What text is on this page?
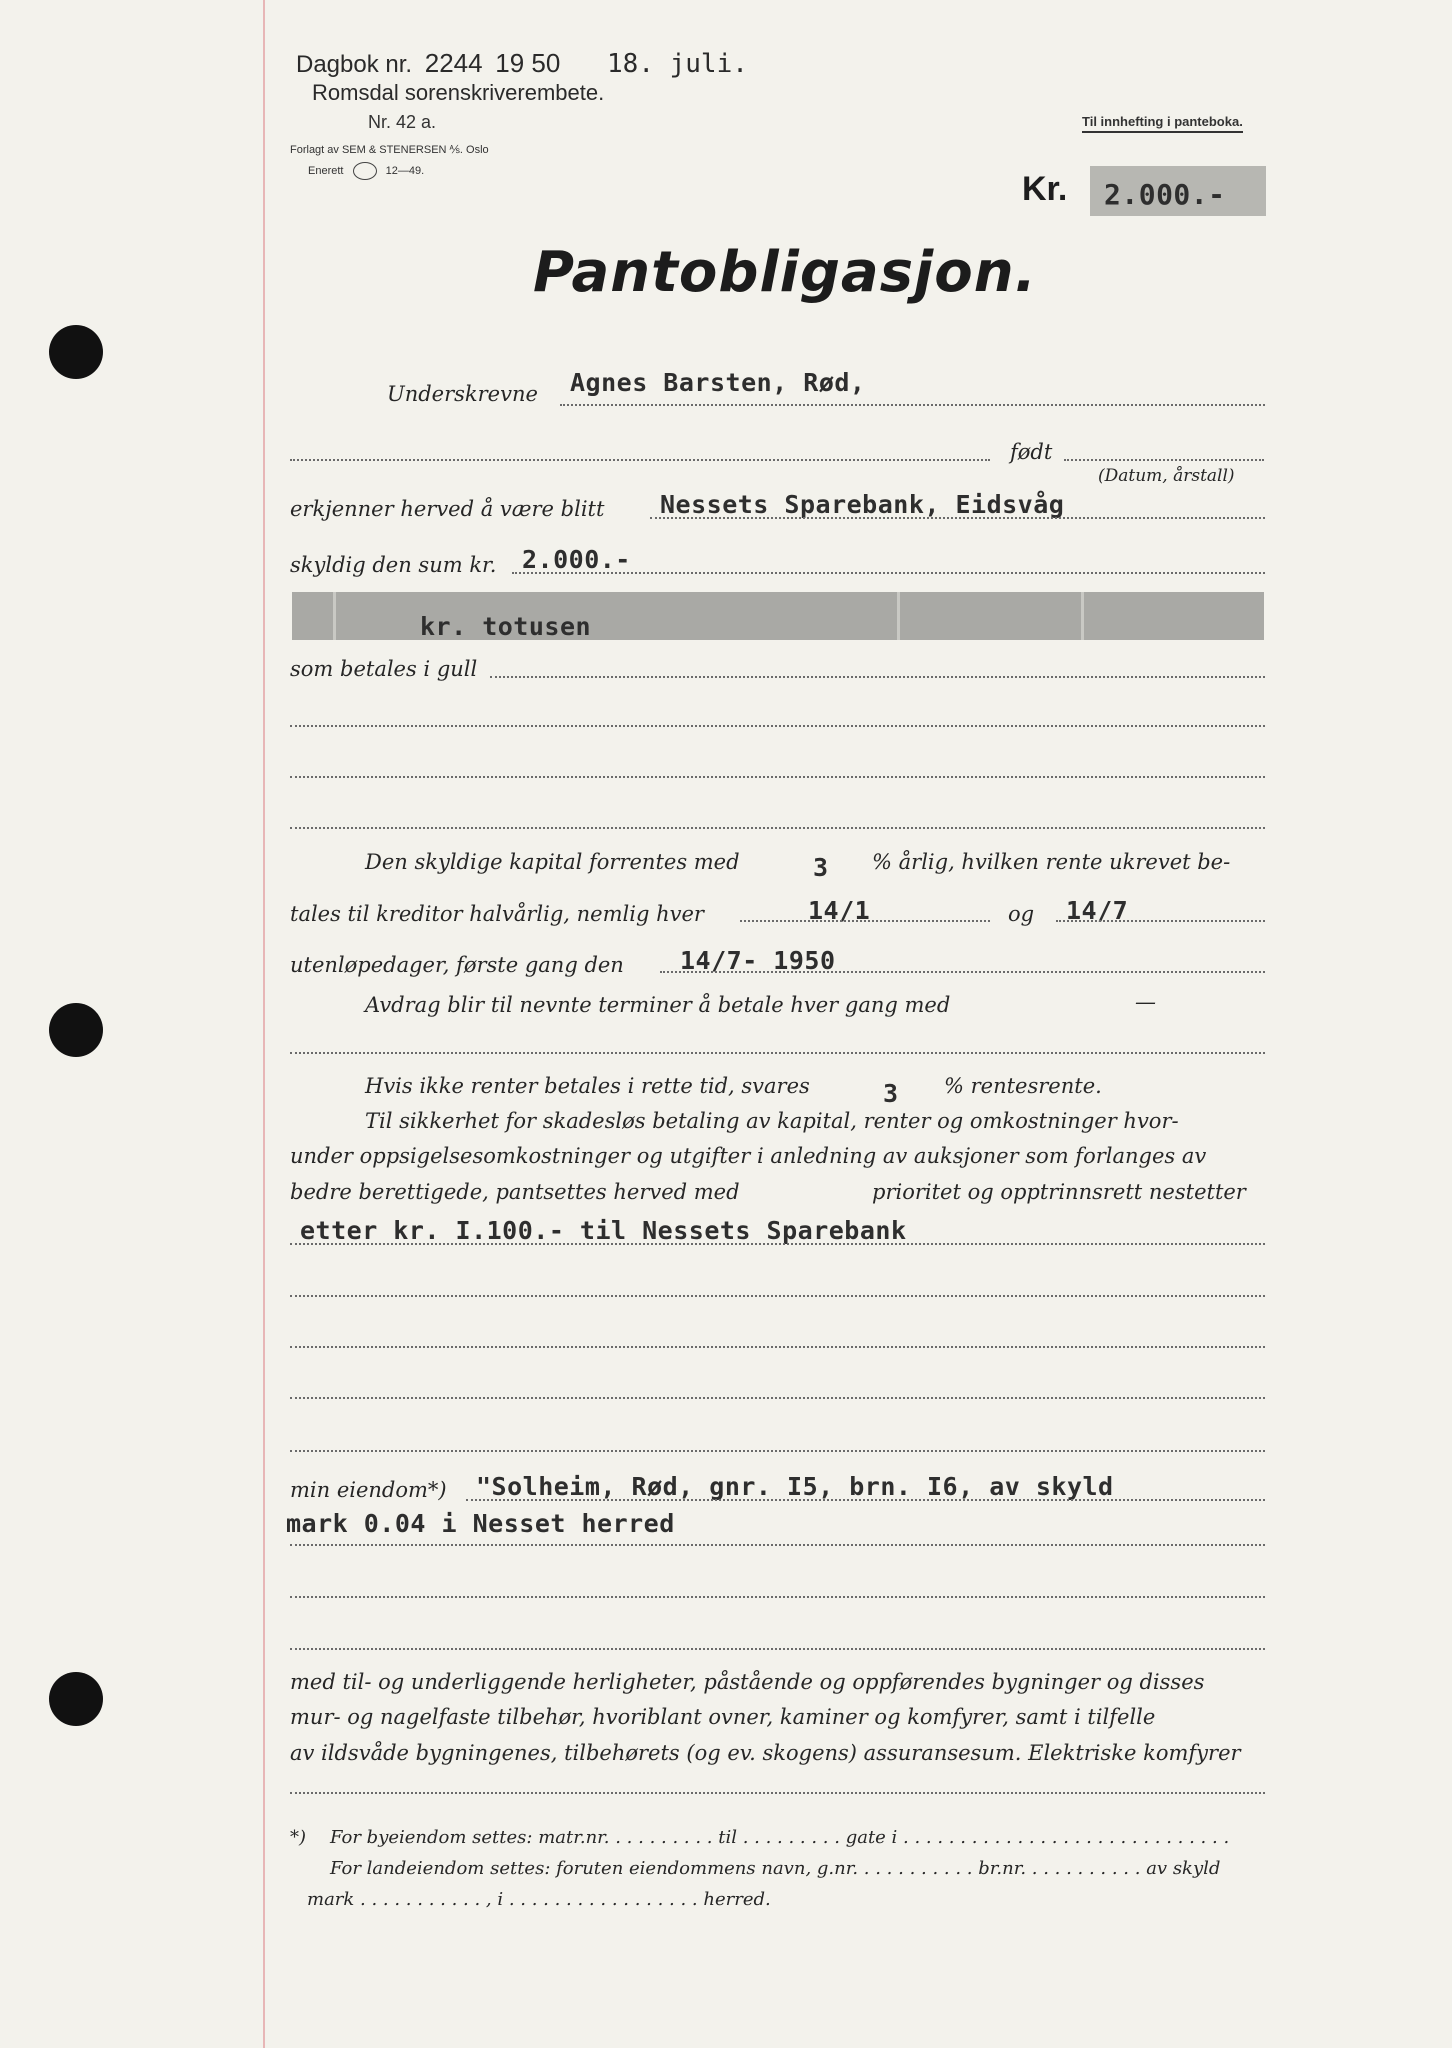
Dagbok nr. 2244 19 50 18. juli.
Romsdal sorenskriverembete.
Nr. 42 a.
Forlagt av SEM & STENERSEN ⅍. Oslo
Enerett	12—49.
Til innhefting i panteboka.
Kr. 2.000.-
Pantobligasjon.
Underskrevne Agnes Barsten, Rød,
født
(Datum, årstall)
erkjenner herved å være blitt Nessets Sparebank, Eidsvåg
skyldig den sum kr. 2.000.-
kr. totusen
som betales i gull
Den skyldige kapital forrentes med	3 % årlig, hvilken rente ukrevet be-
tales til kreditor halvårlig, nemlig hver	14/1	og 14/7
utenløpedager, første gang den 14/7- 1950
Avdrag blir til nevnte terminer å betale hver gang med	—
Hvis ikke renter betales i rette tid, svares	3 % rentesrente.
Til sikkerhet for skadesløs betaling av kapital, renter og omkostninger hvor-
under oppsigelsesomkostninger og utgifter i anledning av auksjoner som forlanges av
bedre berettigede, pantsettes herved med	prioritet og opptrinnsrett nestetter
etter kr. I.100.- til Nessets Sparebank
min eiendom*) "Solheim, Rød, gnr. I5, brn. I6, av skyld
mark 0.04 i Nesset herred
med til- og underliggende herligheter, påstående og oppførendes bygninger og disses
mur- og nagelfaste tilbehør, hvoriblant ovner, kaminer og komfyrer, samt i tilfelle
av ildsvåde bygningenes, tilbehørets (og ev. skogens) assuransesum. Elektriske komfyrer
*) For byeiendom settes: matr.nr. . . . . . . . . . til . . . . . . . . . gate i . . . . . . . . . . . . . . . . . . . . . . . . . . . . .
For landeiendom settes: foruten eiendommens navn, g.nr. . . . . . . . . . . br.nr. . . . . . . . . . . av skyld
mark . . . . . . . . . . . , i . . . . . . . . . . . . . . . . . herred.
